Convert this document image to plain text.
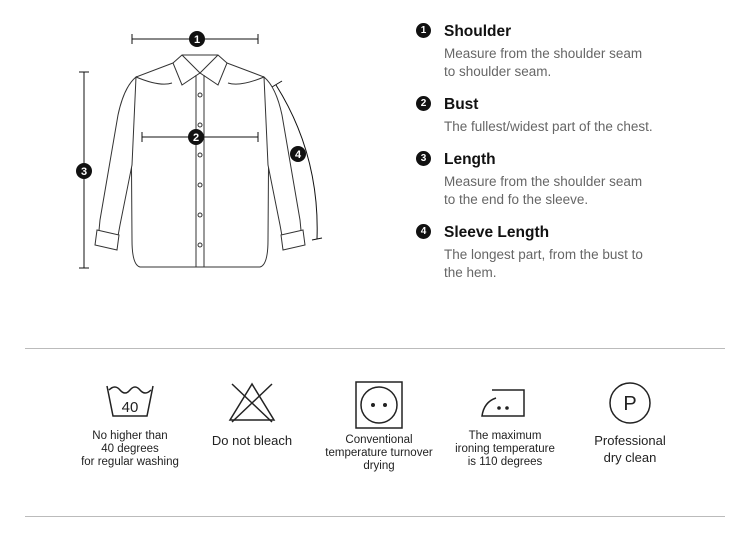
1
2
3
4
1	Shoulder
Measure from the shoulder seam
to shoulder seam.
2	Bust
The fullest/widest part of the chest.
3	Length
Measure from the shoulder seam
to the end fo the sleeve.
4	Sleeve Length
The longest part, from the bust to
the hem.
40
No higher than
40 degrees
for regular washing
Do not bleach	Conventional
temperature turnover
drying
The maximum
ironing temperature
is 110 degrees
P
Professional
dry clean
